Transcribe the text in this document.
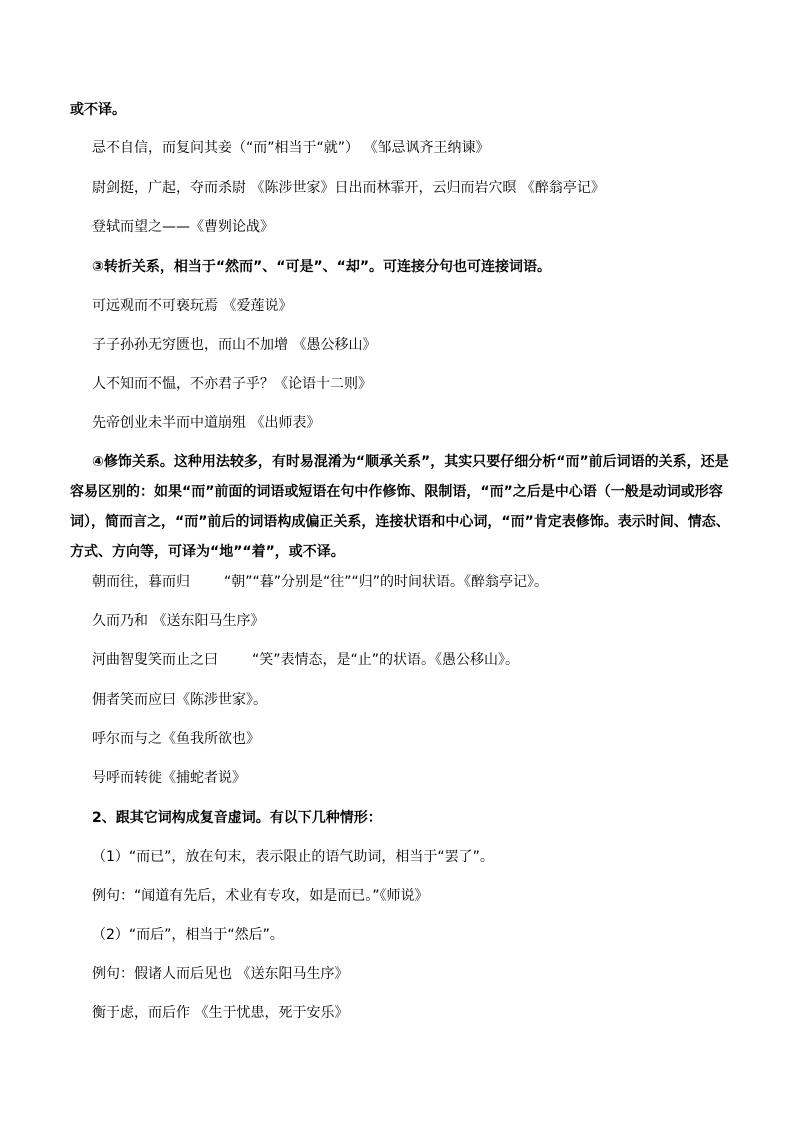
或不译。
忌不自信，而复问其妾（“而”相当于“就”） 《邹忌讽齐王纳谏》
尉剑挺，广起，夺而杀尉 《陈涉世家》日出而林霏开，云归而岩穴暝 《醉翁亭记》
登轼而望之——《曹刿论战》
③转折关系，相当于“然而”、“可是”、“却”。可连接分句也可连接词语。
可远观而不可亵玩焉 《爱莲说》
子子孙孙无穷匮也，而山不加增 《愚公移山》
人不知而不愠，不亦君子乎？《论语十二则》
先帝创业未半而中道崩殂 《出师表》
④修饰关系。这种用法较多，有时易混淆为“顺承关系”，其实只要仔细分析“而”前后词语的关系，还是容易区别的：如果“而”前面的词语或短语在句中作修饰、限制语，“而”之后是中心语（一般是动词或形容词），简而言之，“而”前后的词语构成偏正关系，连接状语和中心词，“而”肯定表修饰。表示时间、情态、方式、方向等，可译为“地”“着”，或不译。
朝而往，暮而归 “朝”“暮”分别是“往”“归”的时间状语。《醉翁亭记》。
久而乃和 《送东阳马生序》
河曲智叟笑而止之曰 “笑”表情态，是“止”的状语。《愚公移山》。
佣者笑而应曰《陈涉世家》。
呼尔而与之《鱼我所欲也》
号呼而转徙《捕蛇者说》
2、跟其它词构成复音虚词。有以下几种情形：
（1）“而已”，放在句末，表示限止的语气助词，相当于“罢了”。
例句：“闻道有先后，术业有专攻，如是而已。”《师说》
（2）“而后”，相当于“然后”。
例句：假诸人而后见也 《送东阳马生序》
衡于虑，而后作 《生于忧患，死于安乐》
